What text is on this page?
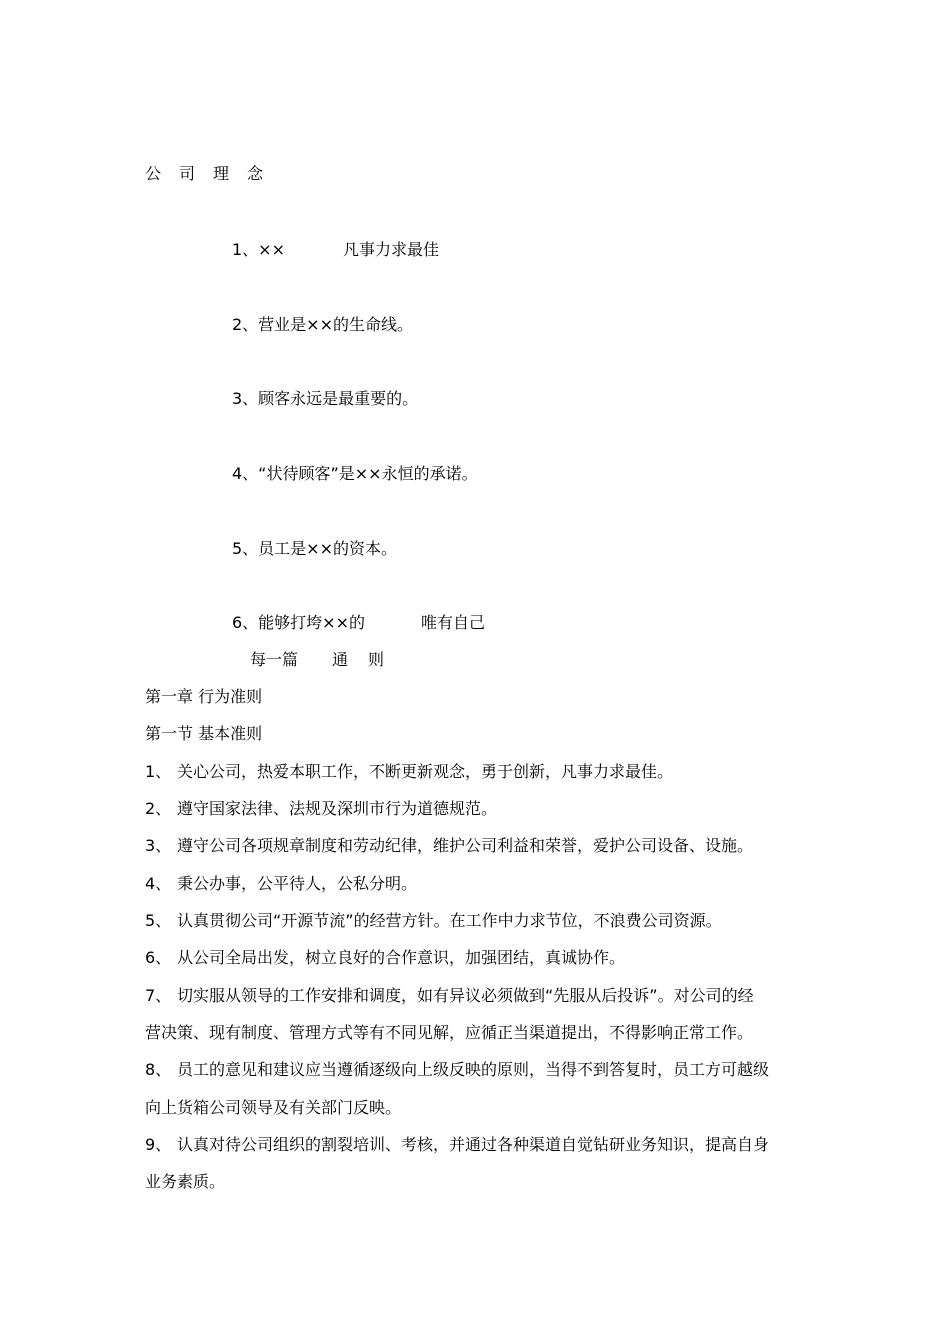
公 司 理 念
1、××	凡事力求最佳
2、营业是××的生命线。
3、顾客永远是最重要的。
4、“状待顾客”是××永恒的承诺。
5、员工是××的资本。
6、能够打垮××的	唯有自己
每一篇 通 则
第一章 行为准则
第一节 基本准则
1、 关心公司，热爱本职工作，不断更新观念，勇于创新，凡事力求最佳。
2、 遵守国家法律、法规及深圳市行为道德规范。
3、 遵守公司各项规章制度和劳动纪律，维护公司利益和荣誉，爱护公司设备、设施。
4、 秉公办事，公平待人，公私分明。
5、 认真贯彻公司“开源节流”的经营方针。在工作中力求节位，不浪费公司资源。
6、 从公司全局出发，树立良好的合作意识，加强团结，真诚协作。
7、 切实服从领导的工作安排和调度，如有异议必须做到“先服从后投诉”。对公司的经
营决策、现有制度、管理方式等有不同见解，应循正当渠道提出，不得影响正常工作。
8、 员工的意见和建议应当遵循逐级向上级反映的原则，当得不到答复时，员工方可越级
向上货箱公司领导及有关部门反映。
9、 认真对待公司组织的割裂培训、考核，并通过各种渠道自觉钻研业务知识，提高自身
业务素质。
